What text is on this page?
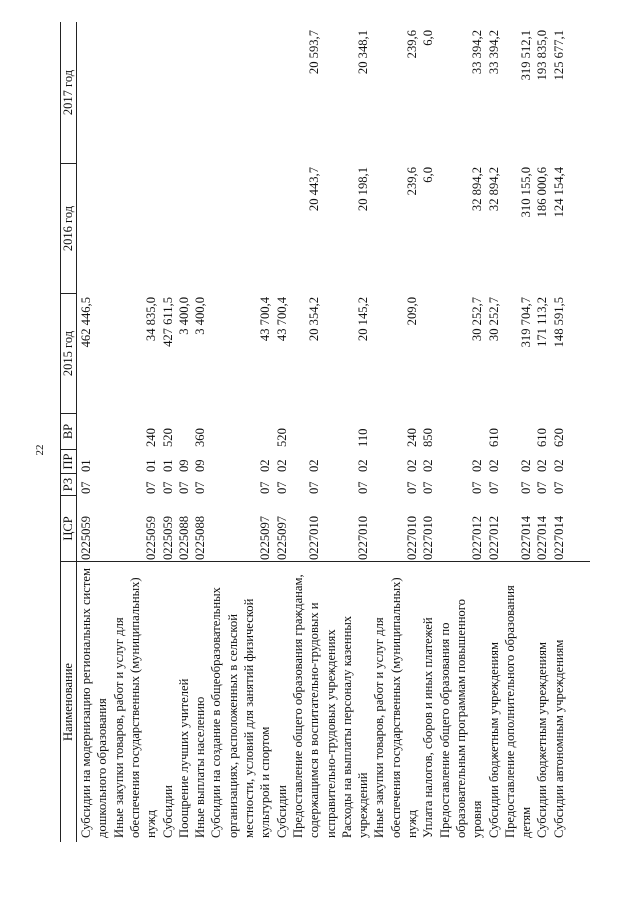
22
Наименование
ЦСР
РЗ
ПР
ВР
2015 год
2016 год
2017 год
Субсидии на модернизацию региональных систем дошкольного образования Иные закупки товаров, работ и услуг для обеспечения государственных (муниципальных) нужд Субсидии Поощрение лучших учителей Иные выплаты населению Субсидии на создание в общеобразовательных организациях, расположенных в сельской местности, условий для занятий физической культурой и спортом Субсидии Предоставление общего образования гражданам, содержащимся в воспитательно-трудовых и исправительно-трудовых учреждениях Расходы на выплаты персоналу казенных учреждений Иные закупки товаров, работ и услуг для обеспечения государственных (муниципальных) нужд Уплата налогов, сборов и иных платежей Предоставление общего образования по образовательным программам повышенного уровня Субсидии бюджетным учреждениям Предоставление дополнительного образования детям Субсидии бюджетным учреждениям Субсидии автономным учреждениям
0225059
07
01
462 446,5
0225059
07
01
240
34 835,0
0225059
07
01
520
427 611,5
0225088
07
09
3 400,0
0225088
07
09
360
3 400,0
0225097
07
02
43 700,4
0225097
07
02
520
43 700,4
0227010
07
02
20 354,2
20 443,7
20 593,7
0227010
07
02
110
20 145,2
20 198,1
20 348,1
0227010
07
02
240
209,0
239,6
239,6
0227010
07
02
850
6,0
6,0
0227012
07
02
30 252,7
32 894,2
33 394,2
0227012
07
02
610
30 252,7
32 894,2
33 394,2
0227014
07
02
319 704,7
310 155,0
319 512,1
0227014
07
02
610
171 113,2
186 000,6
193 835,0
0227014
07
02
620
148 591,5
124 154,4
125 677,1
